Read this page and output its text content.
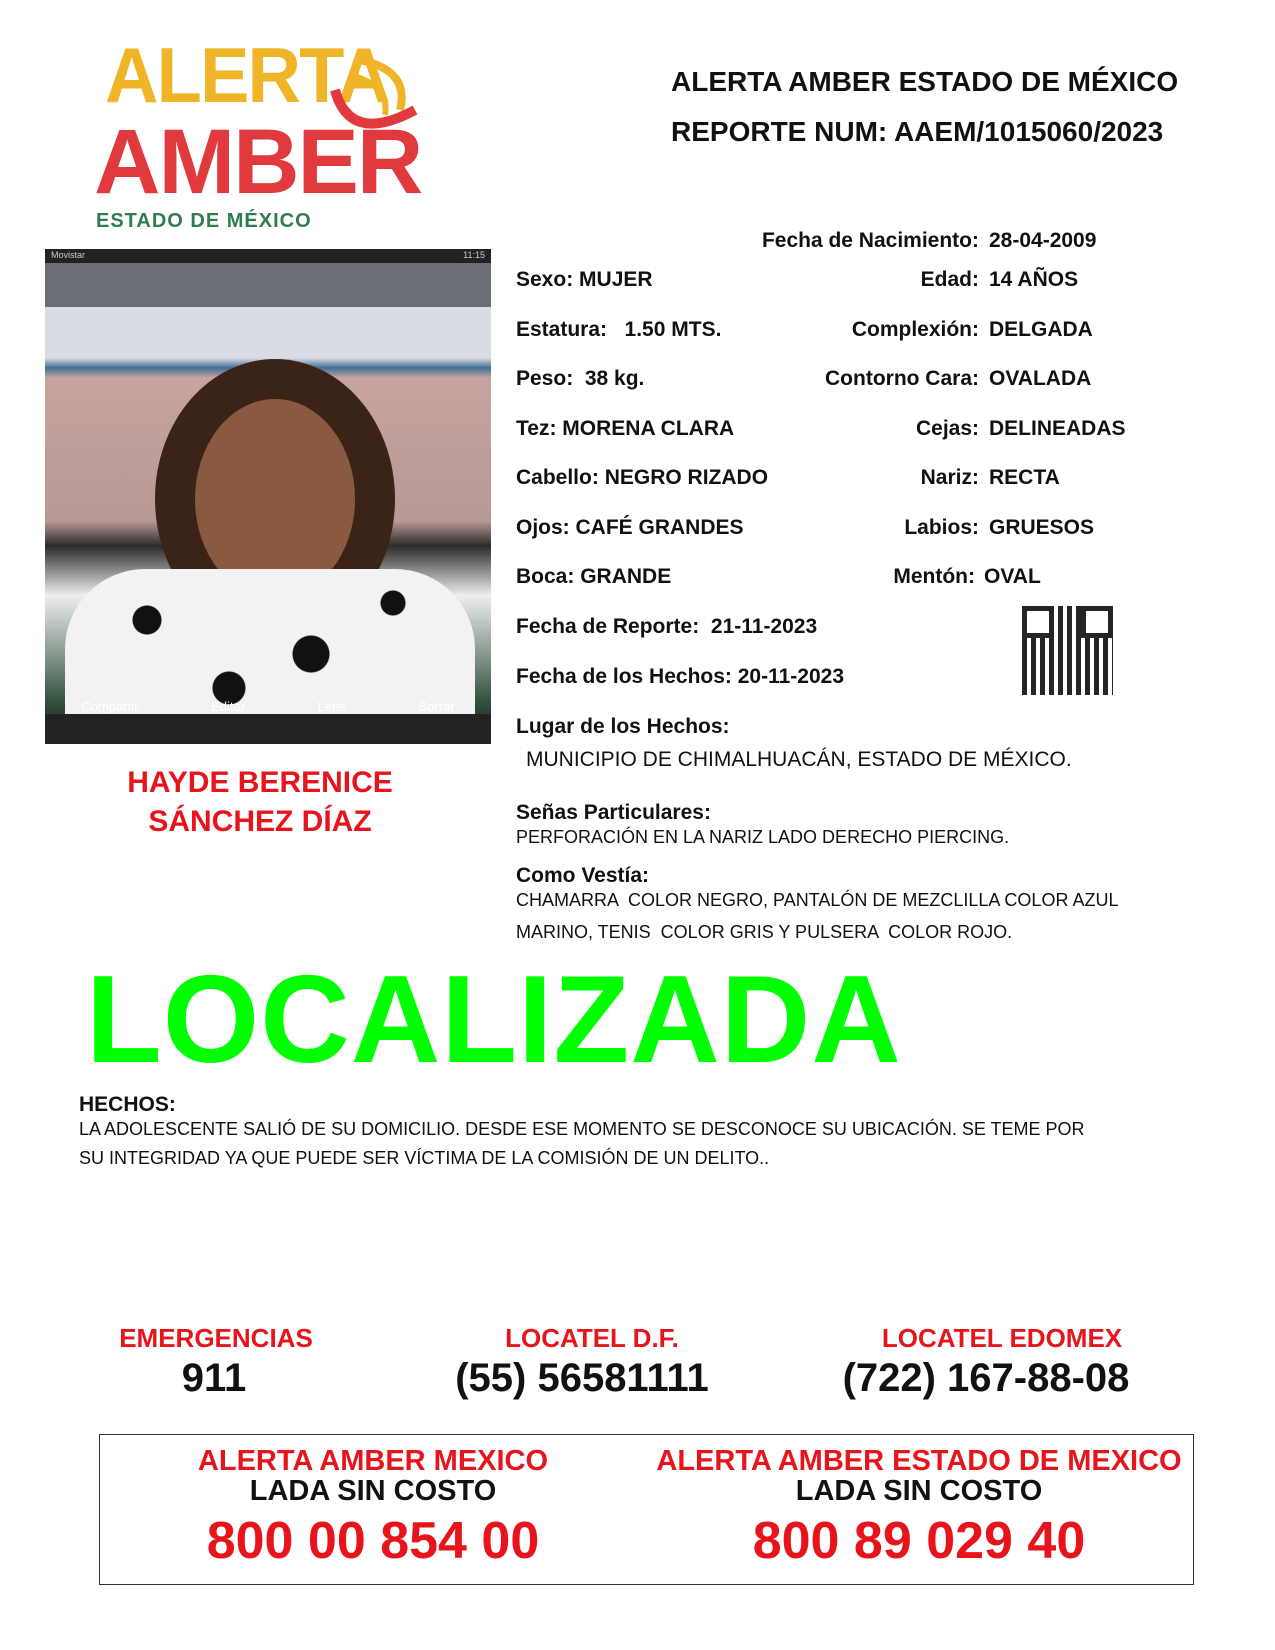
ALERTA
AMBER
ESTADO DE MÉXICO
ALERTA AMBER ESTADO DE MÉXICO
REPORTE NUM: AAEM/1015060/2023
Movistar	11:15
Compartir	Editar	Lens	Borrar
HAYDE BERENICE
SÁNCHEZ DÍAZ
LOCALIZADA
Fecha de Nacimiento: 28-04-2009
Sexo: MUJER	Edad: 14 AÑOS
Estatura: 1.50 MTS.	Complexión: DELGADA
Peso: 38 kg.	Contorno Cara: OVALADA
Tez: MORENA CLARA	Cejas: DELINEADAS
Cabello: NEGRO RIZADO	Nariz: RECTA
Ojos: CAFÉ GRANDES	Labios: GRUESOS
Boca: GRANDE	Mentón: OVAL
Fecha de Reporte: 21-11-2023
Fecha de los Hechos: 20-11-2023
Lugar de los Hechos:
MUNICIPIO DE CHIMALHUACÁN, ESTADO DE MÉXICO.
Señas Particulares:
PERFORACIÓN EN LA NARIZ LADO DERECHO PIERCING.
Como Vestía:
CHAMARRA  COLOR NEGRO, PANTALÓN DE MEZCLILLA COLOR AZUL
MARINO, TENIS  COLOR GRIS Y PULSERA  COLOR ROJO.
HECHOS:
LA ADOLESCENTE SALIÓ DE SU DOMICILIO. DESDE ESE MOMENTO SE DESCONOCE SU UBICACIÓN. SE TEME POR
SU INTEGRIDAD YA QUE PUEDE SER VÍCTIMA DE LA COMISIÓN DE UN DELITO..
EMERGENCIAS
911
LOCATEL D.F.
(55) 56581111
LOCATEL EDOMEX
(722) 167-88-08
ALERTA AMBER MEXICO
LADA SIN COSTO
800 00 854 00
ALERTA AMBER ESTADO DE MEXICO
LADA SIN COSTO
800 89 029 40
